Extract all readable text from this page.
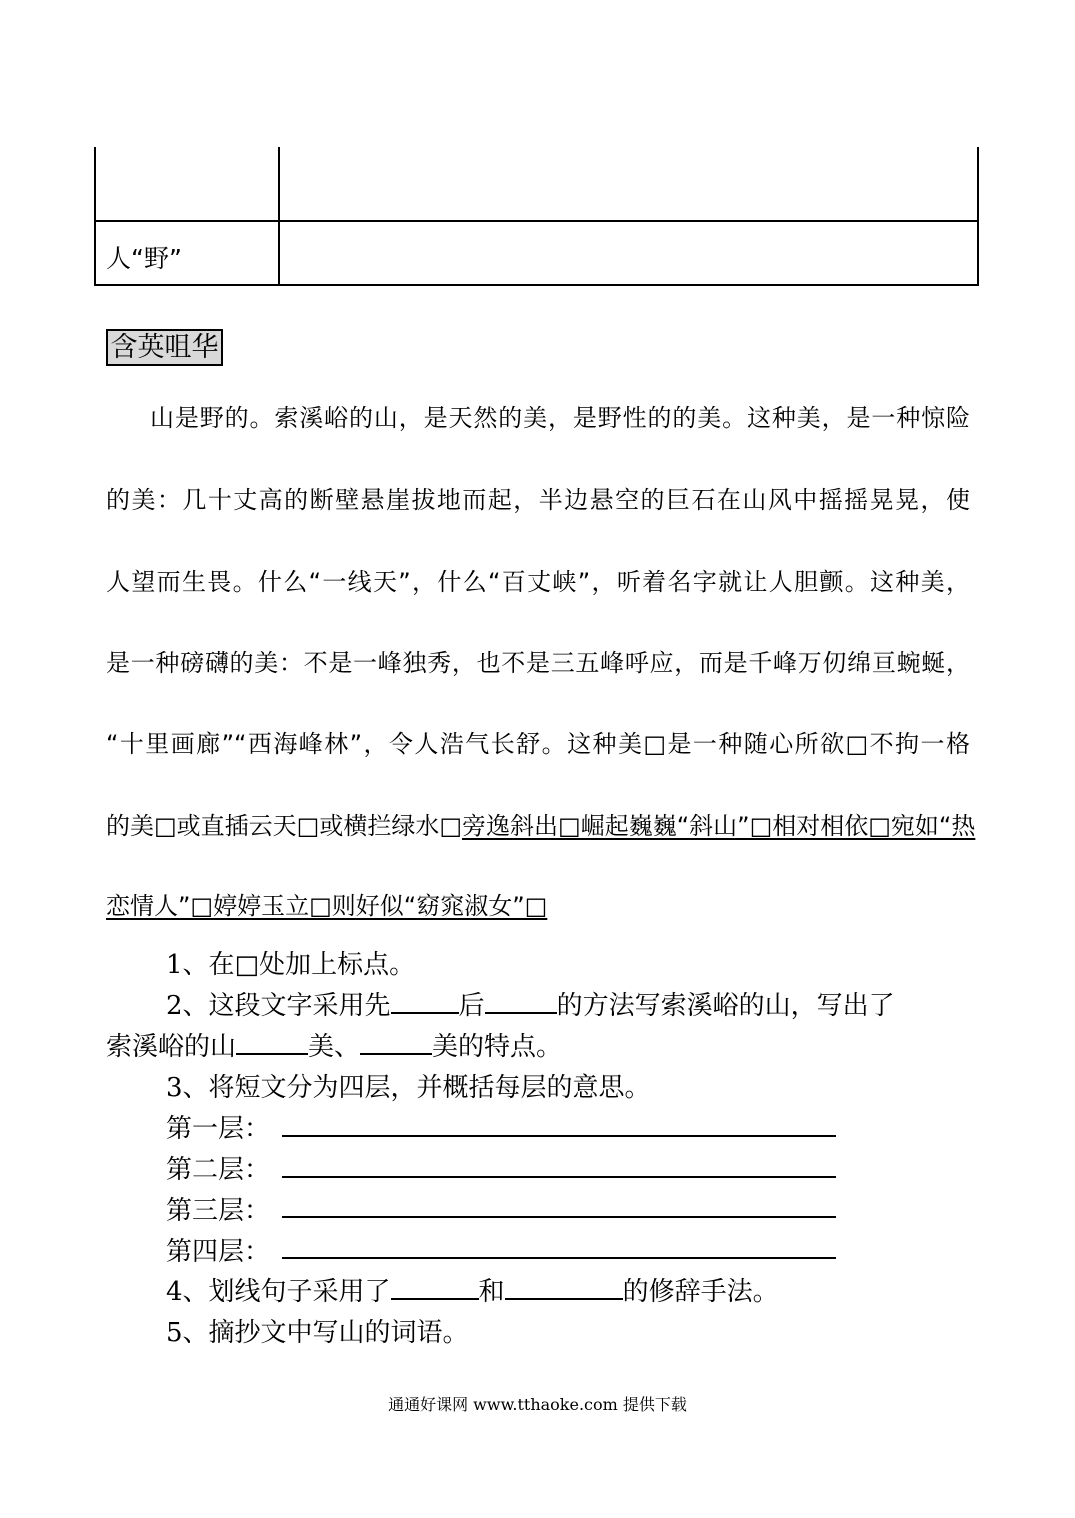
人“野”
含英咀华
山是野的。索溪峪的山，是天然的美，是野性的的美。这种美，是一种惊险
的美：几十丈高的断壁悬崖拔地而起，半边悬空的巨石在山风中摇摇晃晃，使
人望而生畏。什么“一线天”，什么“百丈峡”，听着名字就让人胆颤。这种美，
是一种磅礴的美：不是一峰独秀，也不是三五峰呼应，而是千峰万仞绵亘蜿蜒，
“十里画廊”“西海峰林”，令人浩气长舒。这种美□是一种随心所欲□不拘一格
的美□或直插云天□或横拦绿水□旁逸斜出□崛起巍巍“斜山”□相对相依□宛如“热
恋情人”□婷婷玉立□则好似“窈窕淑女”□
1、在□处加上标点。
2、这段文字采用先	后	的方法写索溪峪的山，写出了
索溪峪的山	美、	美的特点。
3、将短文分为四层，并概括每层的意思。
第一层：
第二层：
第三层：
第四层：
4、划线句子采用了	和	的修辞手法。
5、摘抄文中写山的词语。
通通好课网 www.tthaoke.com 提供下载
